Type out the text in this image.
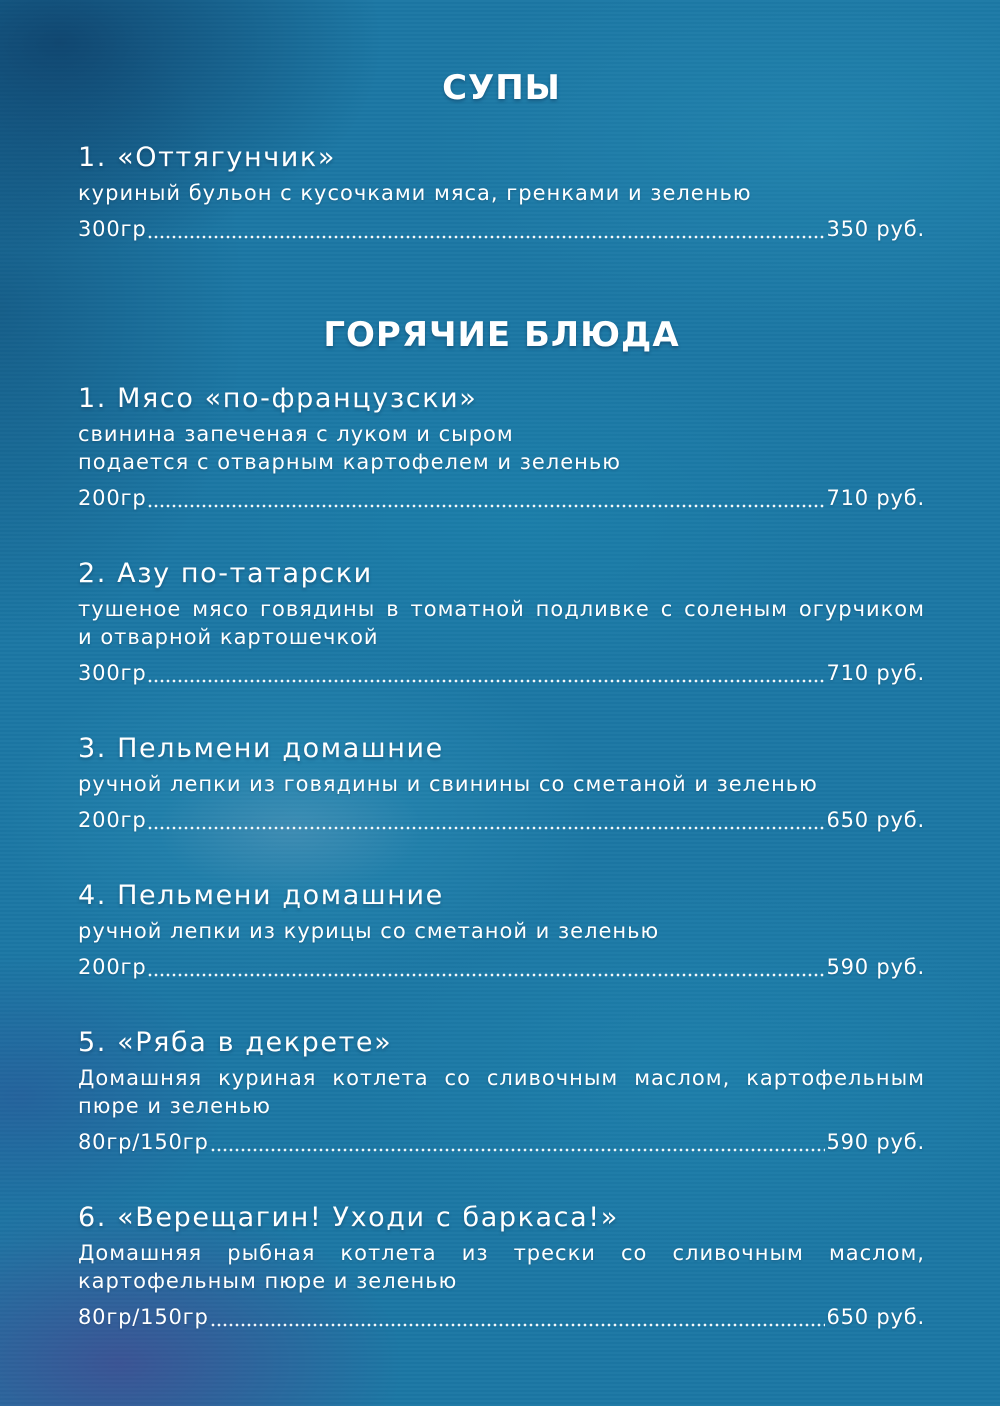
СУПЫ
1. «Оттягунчик»
куриный бульон с кусочками мяса, гренками и зеленью
300гр	350 руб.
ГОРЯЧИЕ БЛЮДА
1. Мясо «по-французски»
свинина запеченая с луком и сыром
подается с отварным картофелем и зеленью
200гр	710 руб.
2. Азу по-татарски
тушеное мясо говядины в томатной подливке с соленым огурчиком
и отварной картошечкой
300гр	710 руб.
3. Пельмени домашние
ручной лепки из говядины и свинины со сметаной и зеленью
200гр	650 руб.
4. Пельмени домашние
ручной лепки из курицы со сметаной и зеленью
200гр	590 руб.
5. «Ряба в декрете»
Домашняя куриная котлета со сливочным маслом, картофельным
пюре и зеленью
80гр/150гр	590 руб.
6. «Верещагин! Уходи с баркаса!»
Домашняя рыбная котлета из трески со сливочным маслом,
картофельным пюре и зеленью
80гр/150гр	650 руб.
